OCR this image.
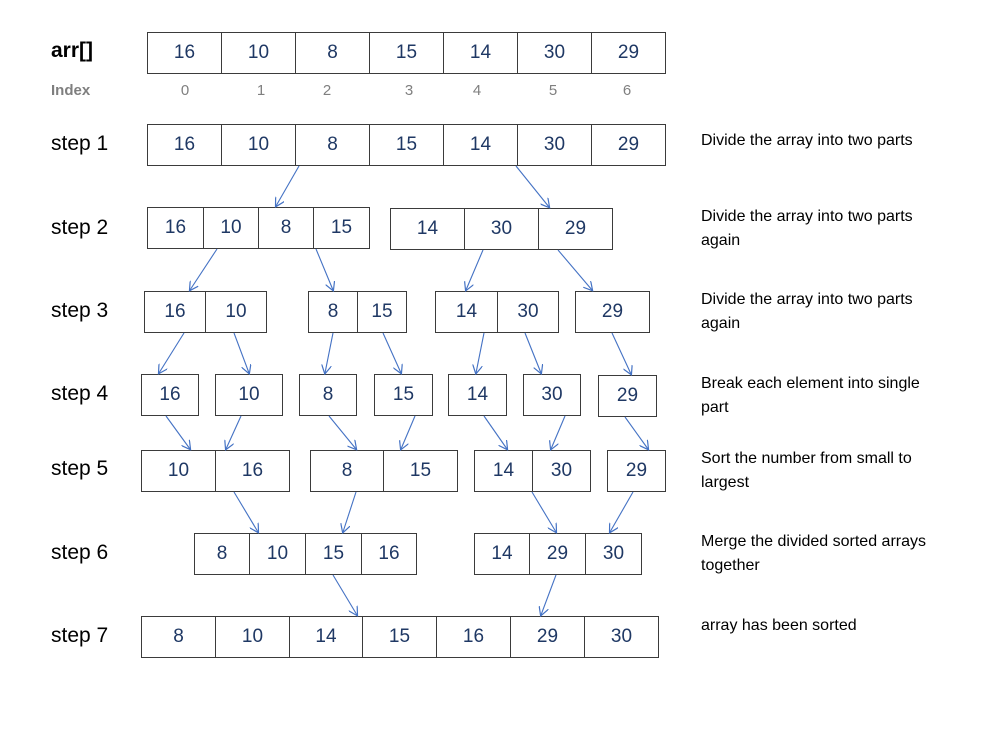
arr[]	16	10	8	15	14	30	29
Index	0	1	2	3	4	5	6
step 1	16	10	8	15	14	30	29	Divide the array into two parts
step 2	16	10	8	15	14	30	29
Divide the array into two parts
again
step 3	16	10	8	15	14	30	29
Divide the array into two parts
again
step 4	16	10	8	15	14	30	29
Break each element into single
part
step 5	10	16	8	15	14	30	29
Sort the number from small to
largest
step 6	8	10	15	16	14	29	30
Merge the divided sorted arrays
together
step 7	8	10	14	15	16	29	30
array has been sorted
